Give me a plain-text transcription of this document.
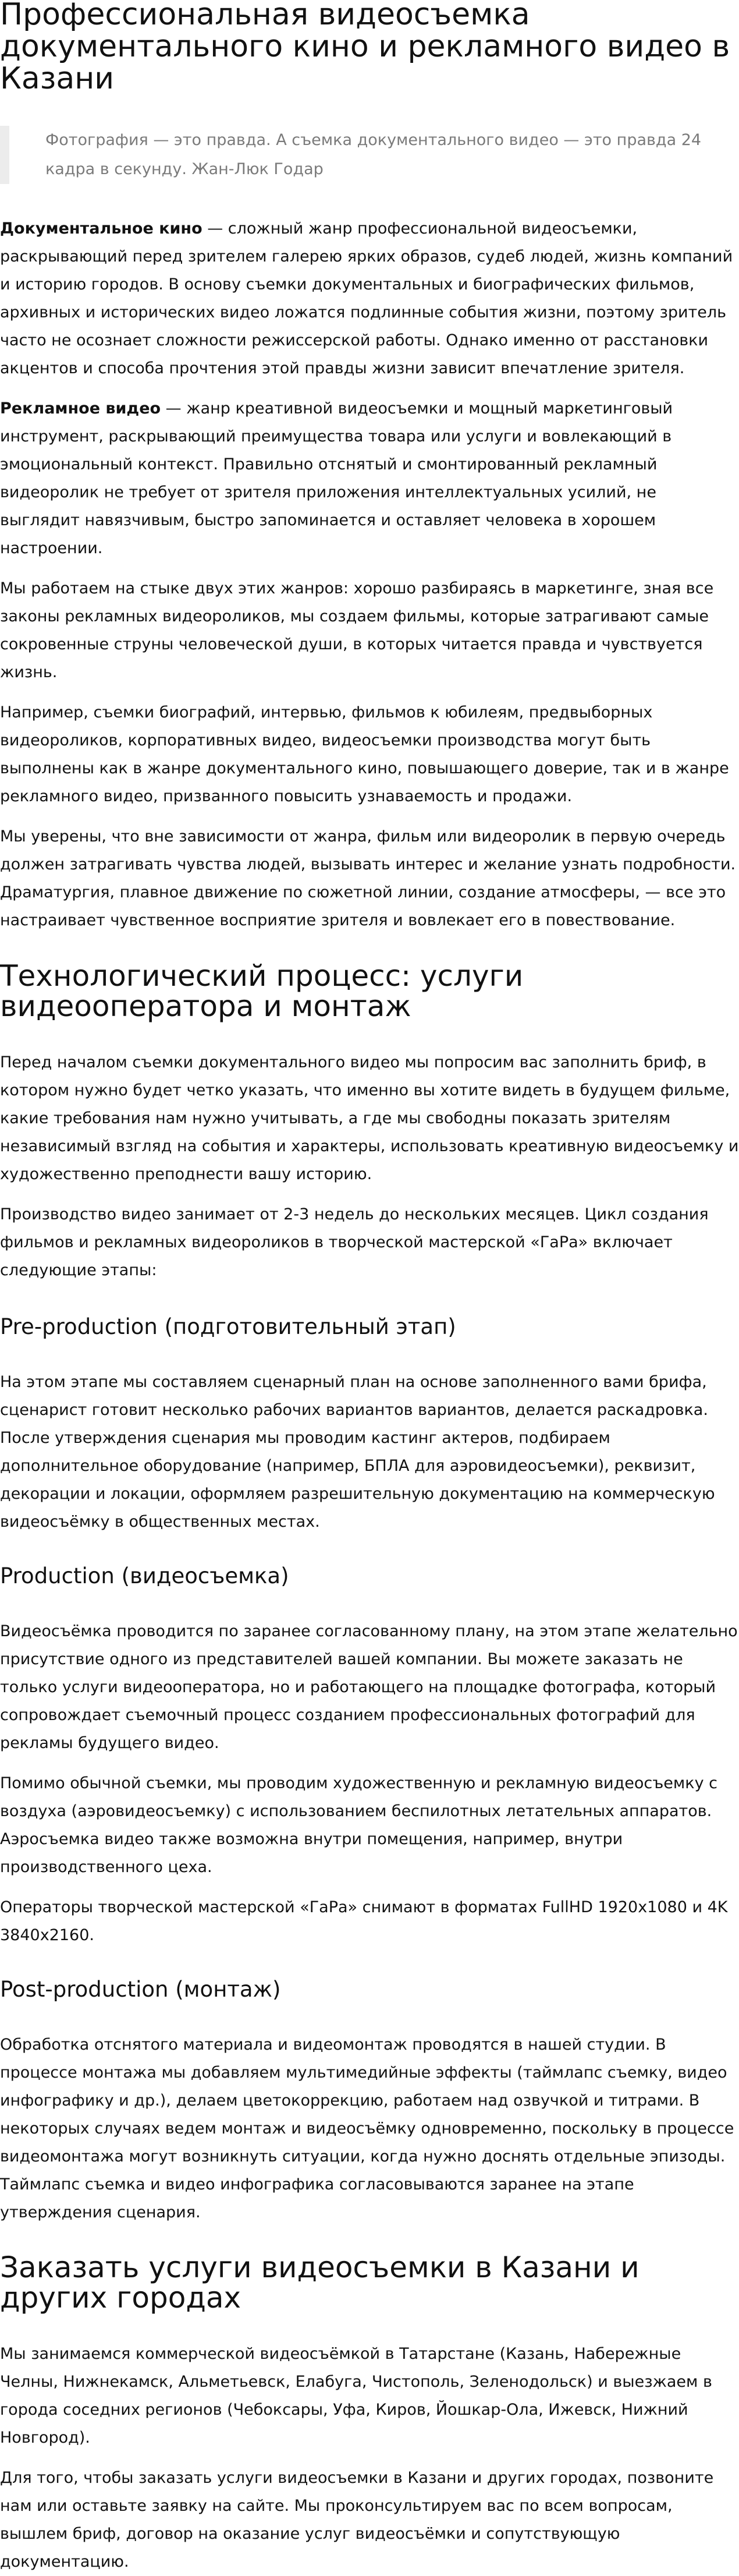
Профессиональная видеосъемка документального кино и рекламного видео в Казани
Фотография — это правда. А съемка документального видео — это правда 24 кадра в секунду. Жан-Люк Годар

Документальное кино — сложный жанр профессиональной видеосъемки, раскрывающий перед зрителем галерею ярких образов, судеб людей, жизнь компаний и историю городов. В основу съемки документальных и биографических фильмов, архивных и исторических видео ложатся подлинные события жизни, поэтому зритель часто не осознает сложности режиссерской работы. Однако именно от расстановки акцентов и способа прочтения этой правды жизни зависит впечатление зрителя.

Рекламное видео — жанр креативной видеосъемки и мощный маркетинговый инструмент, раскрывающий преимущества товара или услуги и вовлекающий в эмоциональный контекст. Правильно отснятый и смонтированный рекламный видеоролик не требует от зрителя приложения интеллектуальных усилий, не выглядит навязчивым, быстро запоминается и оставляет человека в хорошем настроении.

Мы работаем на стыке двух этих жанров: хорошо разбираясь в маркетинге, зная все законы рекламных видеороликов, мы создаем фильмы, которые затрагивают самые сокровенные струны человеческой души, в которых читается правда и чувствуется жизнь.

Например, съемки биографий, интервью, фильмов к юбилеям, предвыборных видеороликов, корпоративных видео, видеосъемки производства могут быть выполнены как в жанре документального кино, повышающего доверие, так и в жанре рекламного видео, призванного повысить узнаваемость и продажи.

Мы уверены, что вне зависимости от жанра, фильм или видеоролик в первую очередь должен затрагивать чувства людей, вызывать интерес и желание узнать подробности. Драматургия, плавное движение по сюжетной линии, создание атмосферы, — все это настраивает чувственное восприятие зрителя и вовлекает его в повествование.

Технологический процесс: услуги видеооператора и монтаж

Перед началом съемки документального видео мы попросим вас заполнить бриф, в котором нужно будет четко указать, что именно вы хотите видеть в будущем фильме, какие требования нам нужно учитывать, а где мы свободны показать зрителям независимый взгляд на события и характеры, использовать креативную видеосъемку и художественно преподнести вашу историю.

Производство видео занимает от 2-3 недель до нескольких месяцев. Цикл создания фильмов и рекламных видеороликов в творческой мастерской «ГаРа» включает следующие этапы:

Pre-production (подготовительный этап)

На этом этапе мы составляем сценарный план на основе заполненного вами брифа, сценарист готовит несколько рабочих вариантов вариантов, делается раскадровка. После утверждения сценария мы проводим кастинг актеров, подбираем дополнительное оборудование (например, БПЛА для аэровидеосъемки), реквизит, декорации и локации, оформляем разрешительную документацию на коммерческую видеосъёмку в общественных местах.

Production (видеосъемка)

Видеосъёмка проводится по заранее согласованному плану, на этом этапе желательно присутствие одного из представителей вашей компании. Вы можете заказать не только услуги видеооператора, но и работающего на площадке фотографа, который сопровождает съемочный процесс созданием профессиональных фотографий для рекламы будущего видео.

Помимо обычной съемки, мы проводим художественную и рекламную видеосъемку с воздуха (аэровидеосъемку) с использованием беспилотных летательных аппаратов. Аэросъемка видео также возможна внутри помещения, например, внутри производственного цеха.

Операторы творческой мастерской «ГаРа» снимают в форматах FullHD 1920x1080 и 4K 3840x2160.

Post-production (монтаж)

Обработка отснятого материала и видеомонтаж проводятся в нашей студии. В процессе монтажа мы добавляем мультимедийные эффекты (таймлапс съемку, видео инфографику и др.), делаем цветокоррекцию, работаем над озвучкой и титрами. В некоторых случаях ведем монтаж и видеосъёмку одновременно, поскольку в процессе видеомонтажа могут возникнуть ситуации, когда нужно доснять отдельные эпизоды. Таймлапс съемка и видео инфографика согласовываются заранее на этапе утверждения сценария.

Заказать услуги видеосъемки в Казани и других городах

Мы занимаемся коммерческой видеосъёмкой в Татарстане (Казань, Набережные Челны, Нижнекамск, Альметьевск, Елабуга, Чистополь, Зеленодольск) и выезжаем в города соседних регионов (Чебоксары, Уфа, Киров, Йошкар-Ола, Ижевск, Нижний Новгород).

Для того, чтобы заказать услуги видеосъемки в Казани и других городах, позвоните нам или оставьте заявку на сайте. Мы проконсультируем вас по всем вопросам, вышлем бриф, договор на оказание услуг видеосъёмки и сопутствующую документацию.
